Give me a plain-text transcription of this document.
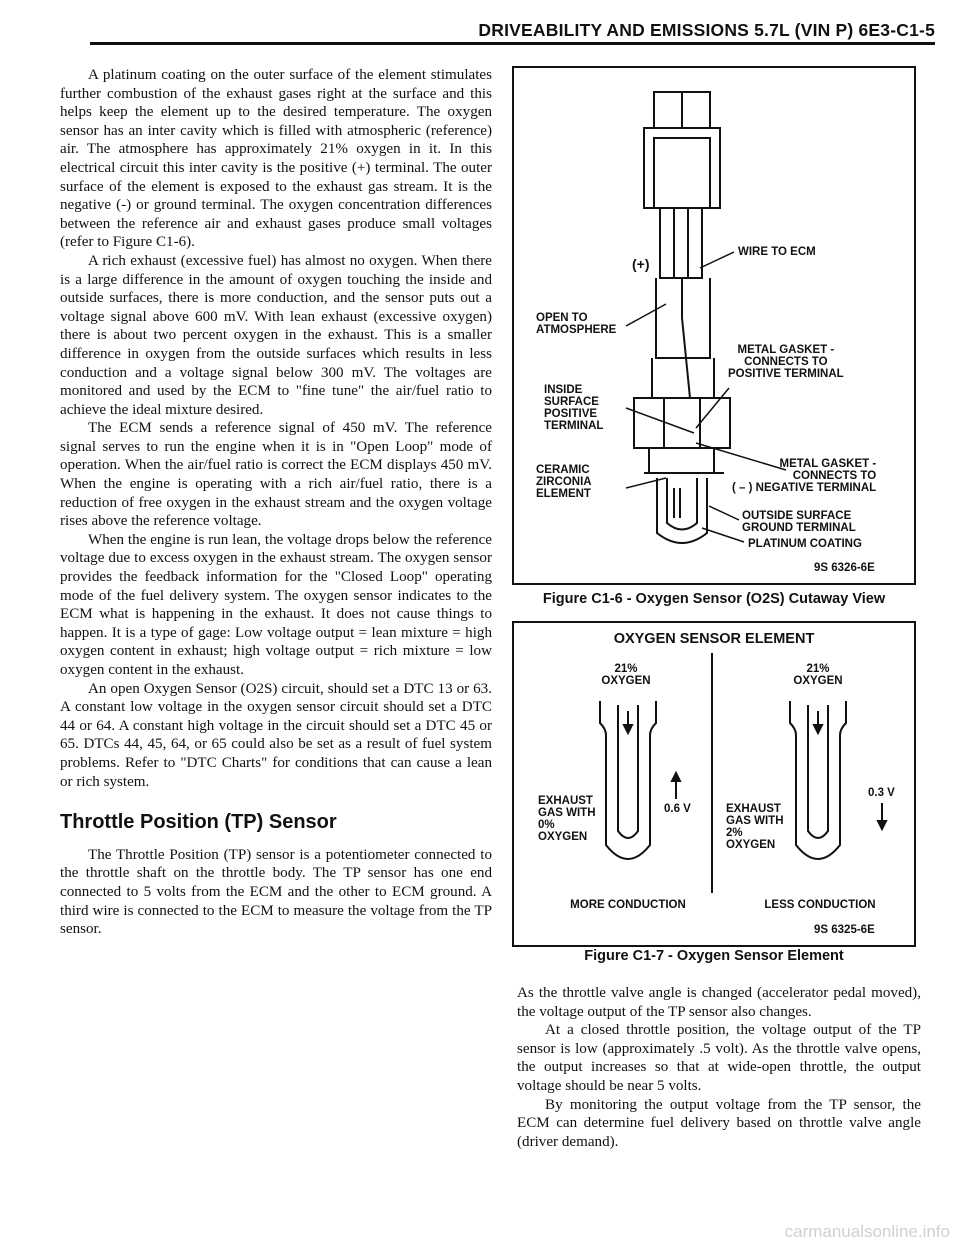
DRIVEABILITY AND EMISSIONS 5.7L (VIN P) 6E3-C1-5

A platinum coating on the outer surface of the element stimulates further combustion of the exhaust gases right at the surface and this helps keep the element up to the desired temperature. The oxygen sensor has an inter cavity which is filled with atmospheric (reference) air. The atmosphere has approximately 21% oxygen in it. In this electrical circuit this inter cavity is the positive (+) terminal. The outer surface of the element is exposed to the exhaust gas stream. It is the negative (-) or ground terminal. The oxygen concentration differences between the reference air and exhaust gases produce small voltages (refer to Figure C1-6).

A rich exhaust (excessive fuel) has almost no oxygen. When there is a large difference in the amount of oxygen touching the inside and outside surfaces, there is more conduction, and the sensor puts out a voltage signal above 600 mV. With lean exhaust (excessive oxygen) there is about two percent oxygen in the exhaust. This is a smaller difference in oxygen from the outside surfaces which results in less conduction and a voltage signal below 300 mV. The voltages are monitored and used by the ECM to "fine tune" the air/fuel ratio to achieve the ideal mixture desired.

The ECM sends a reference signal of 450 mV. The reference signal serves to run the engine when it is in "Open Loop" mode of operation. When the air/fuel ratio is correct the ECM displays 450 mV. When the engine is operating with a rich air/fuel ratio, there is a reduction of free oxygen in the exhaust stream and the oxygen voltage rises above the reference voltage.

When the engine is run lean, the voltage drops below the reference voltage due to excess oxygen in the exhaust stream. The oxygen sensor provides the feedback information for the "Closed Loop" operating mode of the fuel delivery system. The oxygen sensor indicates to the ECM what is happening in the exhaust. It does not cause things to happen. It is a type of gage: Low voltage output = lean mixture = high oxygen content in exhaust; high voltage output = rich mixture = low oxygen content in the exhaust.

An open Oxygen Sensor (O2S) circuit, should set a DTC 13 or 63. A constant low voltage in the oxygen sensor circuit should set a DTC 44 or 64. A constant high voltage in the circuit should set a DTC 45 or 65. DTCs 44, 45, 64, or 65 could also be set as a result of fuel system problems. Refer to "DTC Charts" for conditions that can cause a lean or rich system.

Throttle Position (TP) Sensor

The Throttle Position (TP) sensor is a potentiometer connected to the throttle shaft on the throttle body. The TP sensor has one end connected to 5 volts from the ECM and the other to ECM ground. A third wire is connected to the ECM to measure the voltage from the TP sensor.

(+)
WIRE TO ECM
OPEN TO
ATMOSPHERE
METAL GASKET -
CONNECTS TO
POSITIVE TERMINAL
INSIDE
SURFACE
POSITIVE
TERMINAL
METAL GASKET -
CONNECTS TO
( – ) NEGATIVE TERMINAL
CERAMIC
ZIRCONIA
ELEMENT
OUTSIDE SURFACE
GROUND TERMINAL
PLATINUM COATING
9S 6326-6E
Figure C1-6 - Oxygen Sensor (O2S) Cutaway View
OXYGEN SENSOR ELEMENT
21%
OXYGEN
EXHAUST
GAS WITH
0%
OXYGEN
0.6 V
MORE CONDUCTION
21%
OXYGEN
EXHAUST
GAS WITH
2%
OXYGEN
0.3 V
LESS CONDUCTION
9S 6325-6E
Figure C1-7 - Oxygen Sensor Element

As the throttle valve angle is changed (accelerator pedal moved), the voltage output of the TP sensor also changes.

At a closed throttle position, the voltage output of the TP sensor is low (approximately .5 volt). As the throttle valve opens, the output increases so that at wide-open throttle, the output voltage should be near 5 volts.

By monitoring the output voltage from the TP sensor, the ECM can determine fuel delivery based on throttle valve angle (driver demand).

carmanualsonline.info
